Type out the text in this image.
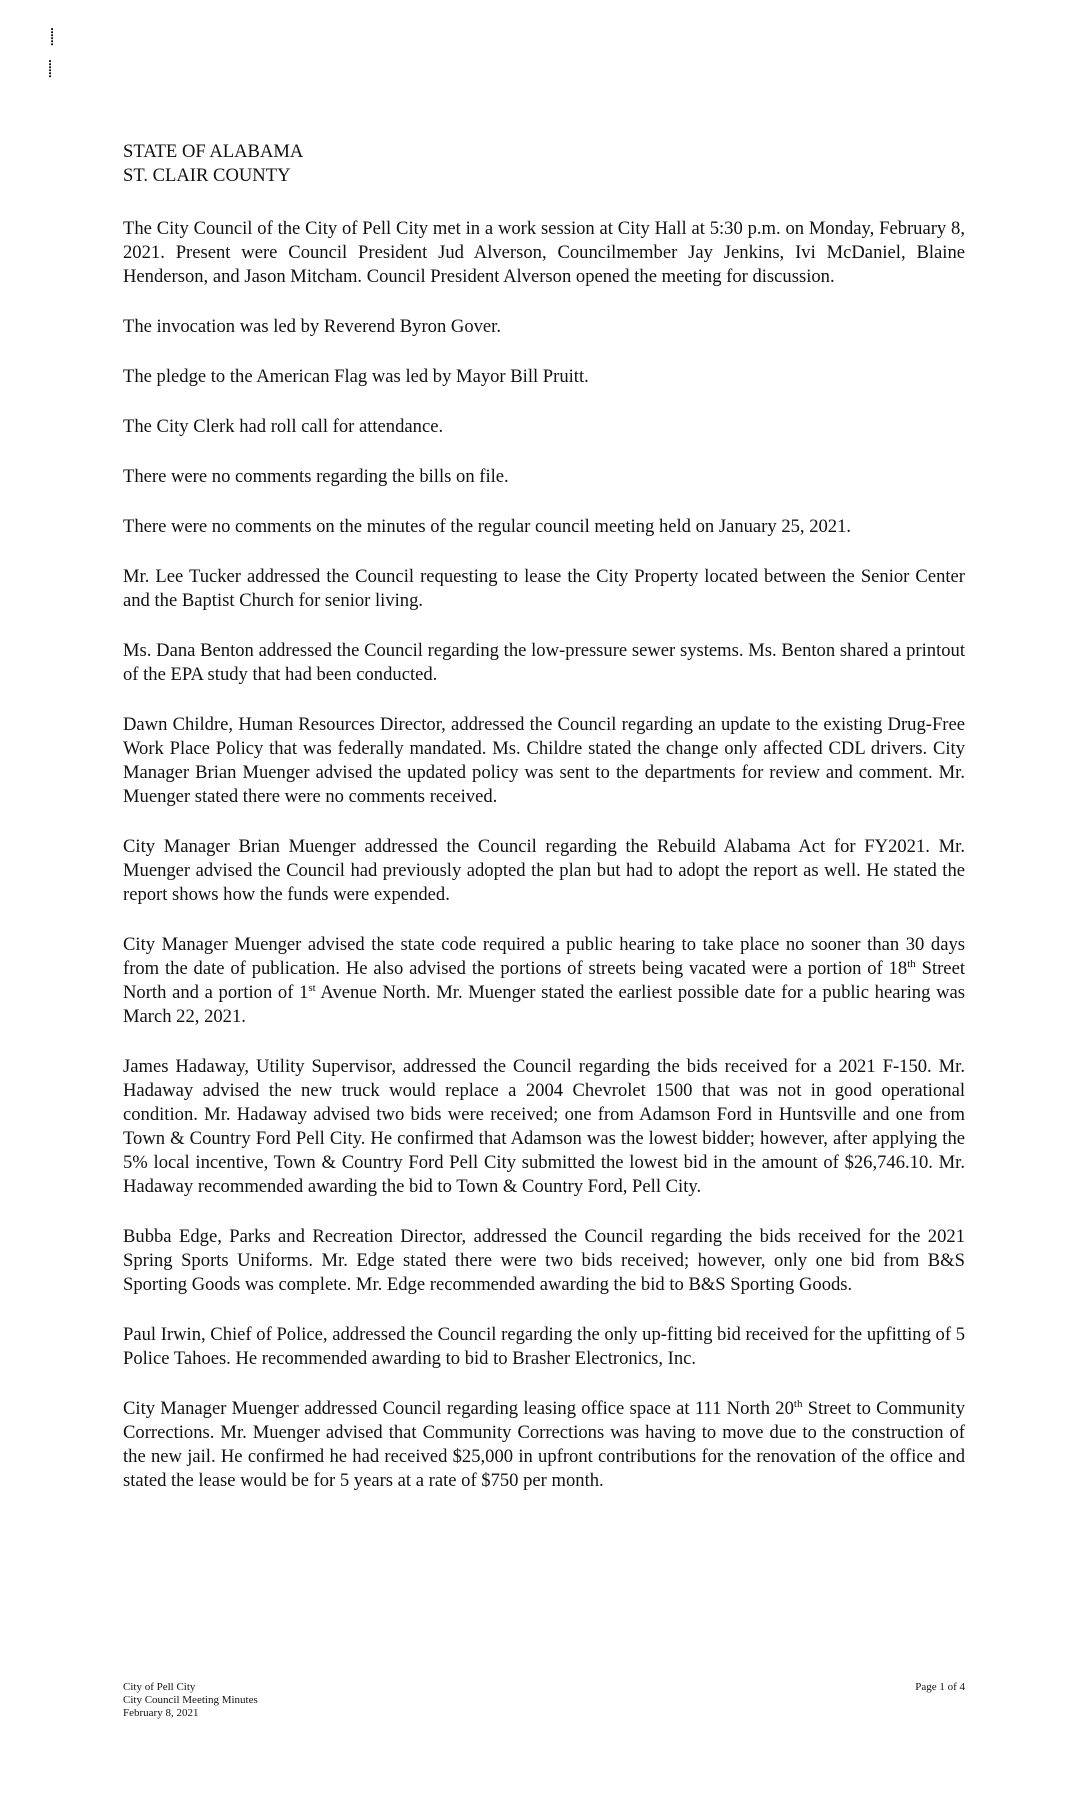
⸽
⸽
STATE OF ALABAMA
ST. CLAIR COUNTY

The City Council of the City of Pell City met in a work session at City Hall at 5:30 p.m. on Monday, February 8, 2021. Present were Council President Jud Alverson, Councilmember Jay Jenkins, Ivi McDaniel, Blaine Henderson, and Jason Mitcham. Council President Alverson opened the meeting for discussion.

The invocation was led by Reverend Byron Gover.

The pledge to the American Flag was led by Mayor Bill Pruitt.

The City Clerk had roll call for attendance.

There were no comments regarding the bills on file.

There were no comments on the minutes of the regular council meeting held on January 25, 2021.

Mr. Lee Tucker addressed the Council requesting to lease the City Property located between the Senior Center and the Baptist Church for senior living.

Ms. Dana Benton addressed the Council regarding the low-pressure sewer systems. Ms. Benton shared a printout of the EPA study that had been conducted.

Dawn Childre, Human Resources Director, addressed the Council regarding an update to the existing Drug-Free Work Place Policy that was federally mandated. Ms. Childre stated the change only affected CDL drivers. City Manager Brian Muenger advised the updated policy was sent to the departments for review and comment. Mr. Muenger stated there were no comments received.

City Manager Brian Muenger addressed the Council regarding the Rebuild Alabama Act for FY2021. Mr. Muenger advised the Council had previously adopted the plan but had to adopt the report as well. He stated the report shows how the funds were expended.

City Manager Muenger advised the state code required a public hearing to take place no sooner than 30 days from the date of publication. He also advised the portions of streets being vacated were a portion of 18th Street North and a portion of 1st Avenue North. Mr. Muenger stated the earliest possible date for a public hearing was March 22, 2021.

James Hadaway, Utility Supervisor, addressed the Council regarding the bids received for a 2021 F-150. Mr. Hadaway advised the new truck would replace a 2004 Chevrolet 1500 that was not in good operational condition. Mr. Hadaway advised two bids were received; one from Adamson Ford in Huntsville and one from Town & Country Ford Pell City. He confirmed that Adamson was the lowest bidder; however, after applying the 5% local incentive, Town & Country Ford Pell City submitted the lowest bid in the amount of $26,746.10. Mr. Hadaway recommended awarding the bid to Town & Country Ford, Pell City.

Bubba Edge, Parks and Recreation Director, addressed the Council regarding the bids received for the 2021 Spring Sports Uniforms. Mr. Edge stated there were two bids received; however, only one bid from B&S Sporting Goods was complete. Mr. Edge recommended awarding the bid to B&S Sporting Goods.

Paul Irwin, Chief of Police, addressed the Council regarding the only up-fitting bid received for the upfitting of 5 Police Tahoes. He recommended awarding to bid to Brasher Electronics, Inc.

City Manager Muenger addressed Council regarding leasing office space at 111 North 20th Street to Community Corrections. Mr. Muenger advised that Community Corrections was having to move due to the construction of the new jail. He confirmed he had received $25,000 in upfront contributions for the renovation of the office and stated the lease would be for 5 years at a rate of $750 per month.

City of Pell City
City Council Meeting Minutes
February 8, 2021
Page 1 of 4
